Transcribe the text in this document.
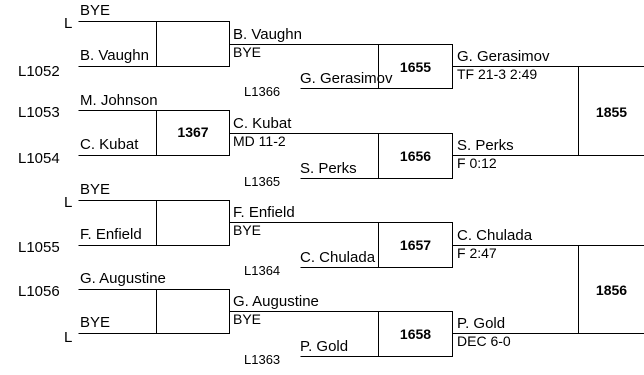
L
BYE
L1052
B. Vaughn
L1053
M. Johnson
L1054
C. Kubat
1367
L
BYE
L1055
F. Enfield
L1056
G. Augustine
L
BYE
B. Vaughn
BYE
L1366
G. Gerasimov
1655
C. Kubat
MD 11-2
L1365
S. Perks
1656
F. Enfield
BYE
L1364
C. Chulada
1657
G. Augustine
BYE
L1363
P. Gold
1658
G. Gerasimov
TF 21-3 2:49
S. Perks
F 0:12
C. Chulada
F 2:47
P. Gold
DEC 6-0
1855
1856
